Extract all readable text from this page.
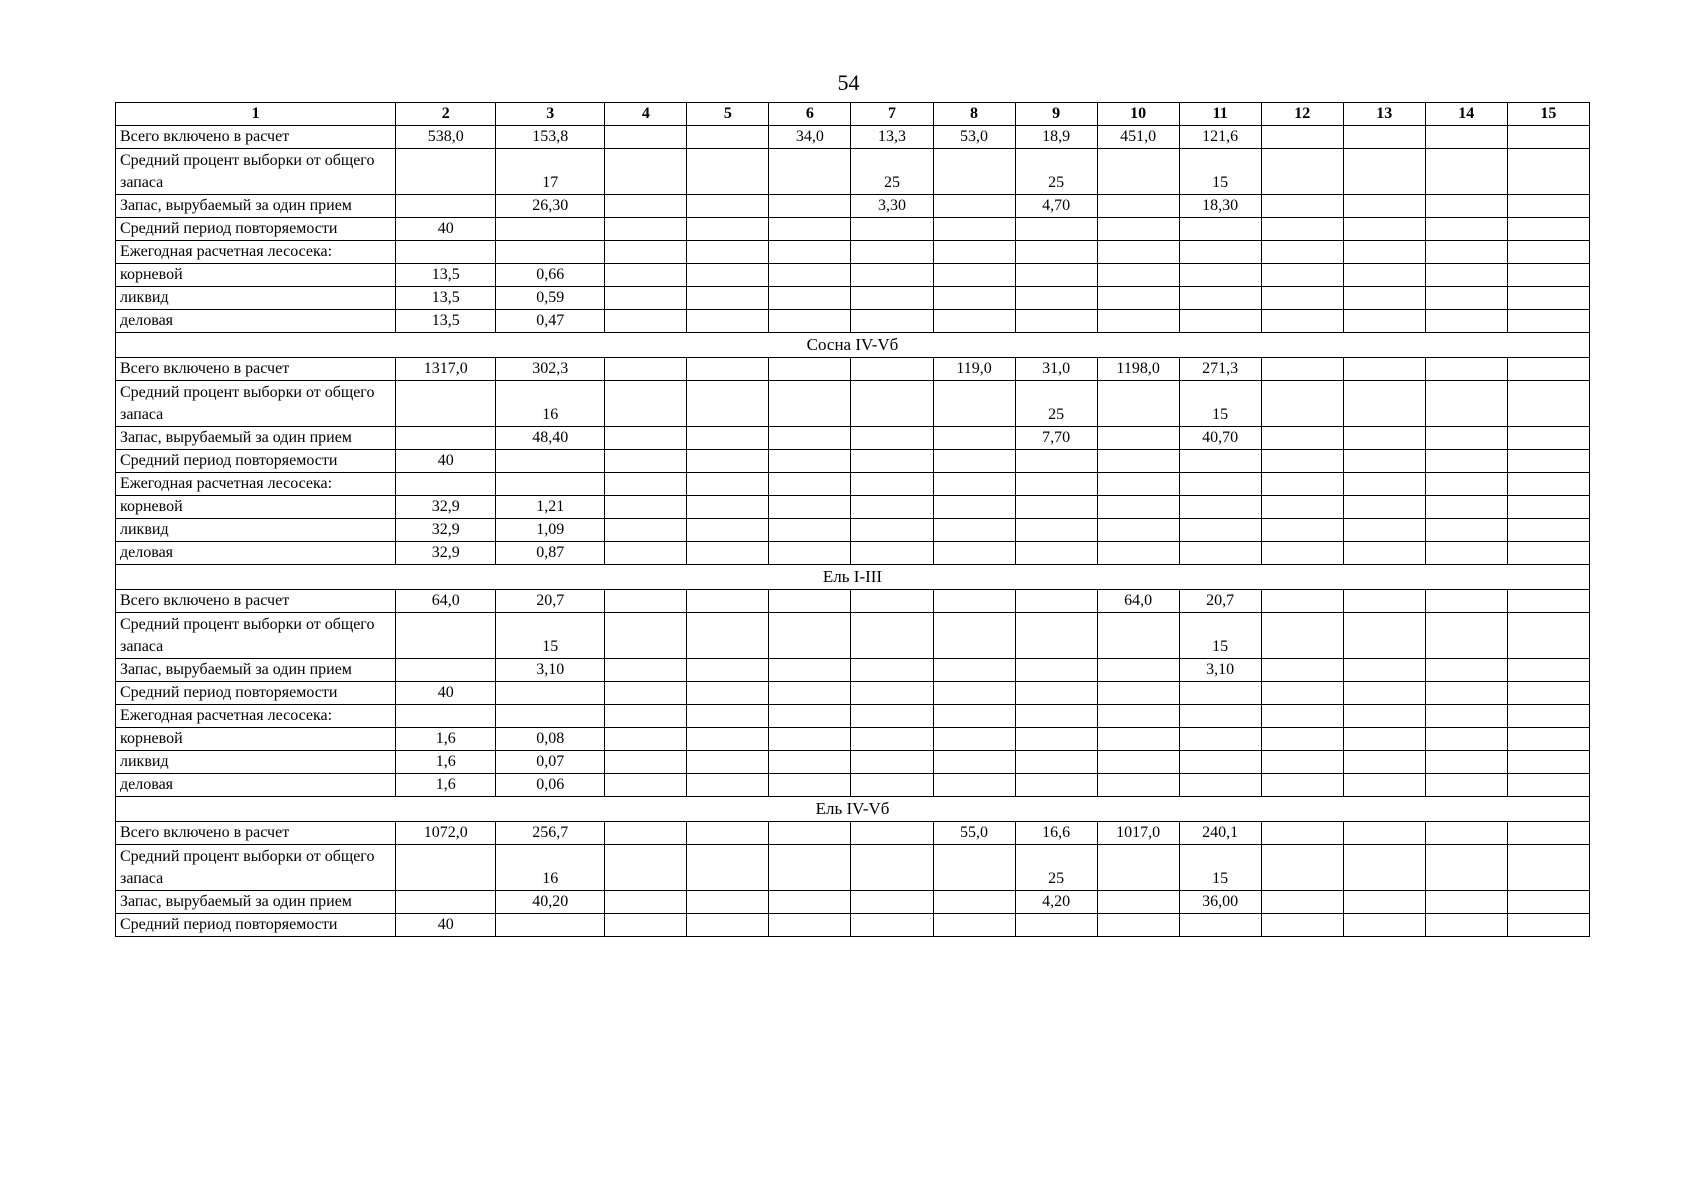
54
1	2	3	4	5	6	7	8	9	10	11	12	13	14	15
Всего включено в расчет	538,0	153,8			34,0	13,3	53,0	18,9	451,0	121,6				
Средний процент выборки от общего запаса		17				25		25		15				
Запас, вырубаемый за один прием		26,30				3,30		4,70		18,30				
Средний период повторяемости	40													
Ежегодная расчетная лесосека:														
корневой	13,5	0,66												
ликвид	13,5	0,59												
деловая	13,5	0,47												
Сосна IV-Vб														
Всего включено в расчет	1317,0	302,3					119,0	31,0	1198,0	271,3				
Средний процент выборки от общего запаса		16						25		15				
Запас, вырубаемый за один прием		48,40						7,70		40,70				
Средний период повторяемости	40													
Ежегодная расчетная лесосека:														
корневой	32,9	1,21												
ликвид	32,9	1,09												
деловая	32,9	0,87												
Ель I-III														
Всего включено в расчет	64,0	20,7							64,0	20,7				
Средний процент выборки от общего запаса		15								15				
Запас, вырубаемый за один прием		3,10								3,10				
Средний период повторяемости	40													
Ежегодная расчетная лесосека:														
корневой	1,6	0,08												
ликвид	1,6	0,07												
деловая	1,6	0,06												
Ель IV-Vб														
Всего включено в расчет	1072,0	256,7					55,0	16,6	1017,0	240,1				
Средний процент выборки от общего запаса		16						25		15				
Запас, вырубаемый за один прием		40,20						4,20		36,00				
Средний период повторяемости	40													
